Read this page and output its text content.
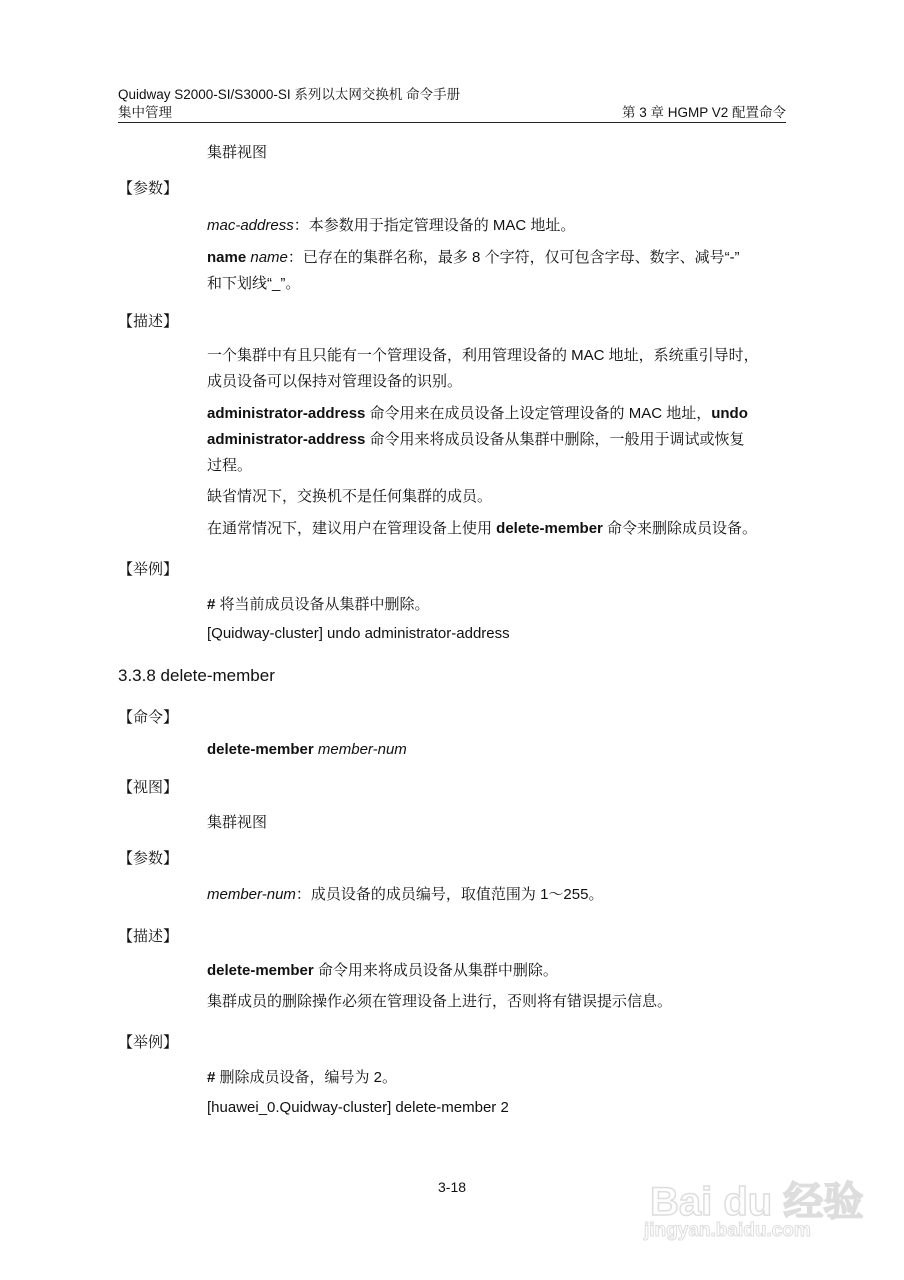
Quidway S2000-SI/S3000-SI 系列以太网交换机 命令手册
集中管理	第 3 章 HGMP V2 配置命令
集群视图
【参数】
mac-address：本参数用于指定管理设备的 MAC 地址。
name name：已存在的集群名称，最多 8 个字符，仅可包含字母、数字、减号“-”
和下划线“_”。
【描述】
一个集群中有且只能有一个管理设备，利用管理设备的 MAC 地址，系统重引导时，
成员设备可以保持对管理设备的识别。
administrator-address 命令用来在成员设备上设定管理设备的 MAC 地址，undo
administrator-address 命令用来将成员设备从集群中删除，一般用于调试或恢复
过程。
缺省情况下，交换机不是任何集群的成员。
在通常情况下，建议用户在管理设备上使用 delete-member 命令来删除成员设备。
【举例】
# 将当前成员设备从集群中删除。
[Quidway-cluster] undo administrator-address
3.3.8 delete-member
【命令】
delete-member member-num
【视图】
集群视图
【参数】
member-num：成员设备的成员编号，取值范围为 1～255。
【描述】
delete-member 命令用来将成员设备从集群中删除。
集群成员的删除操作必须在管理设备上进行，否则将有错误提示信息。
【举例】
# 删除成员设备，编号为 2。
[huawei_0.Quidway-cluster] delete-member 2
3-18	Bai du 经验
jingyan.baidu.com
